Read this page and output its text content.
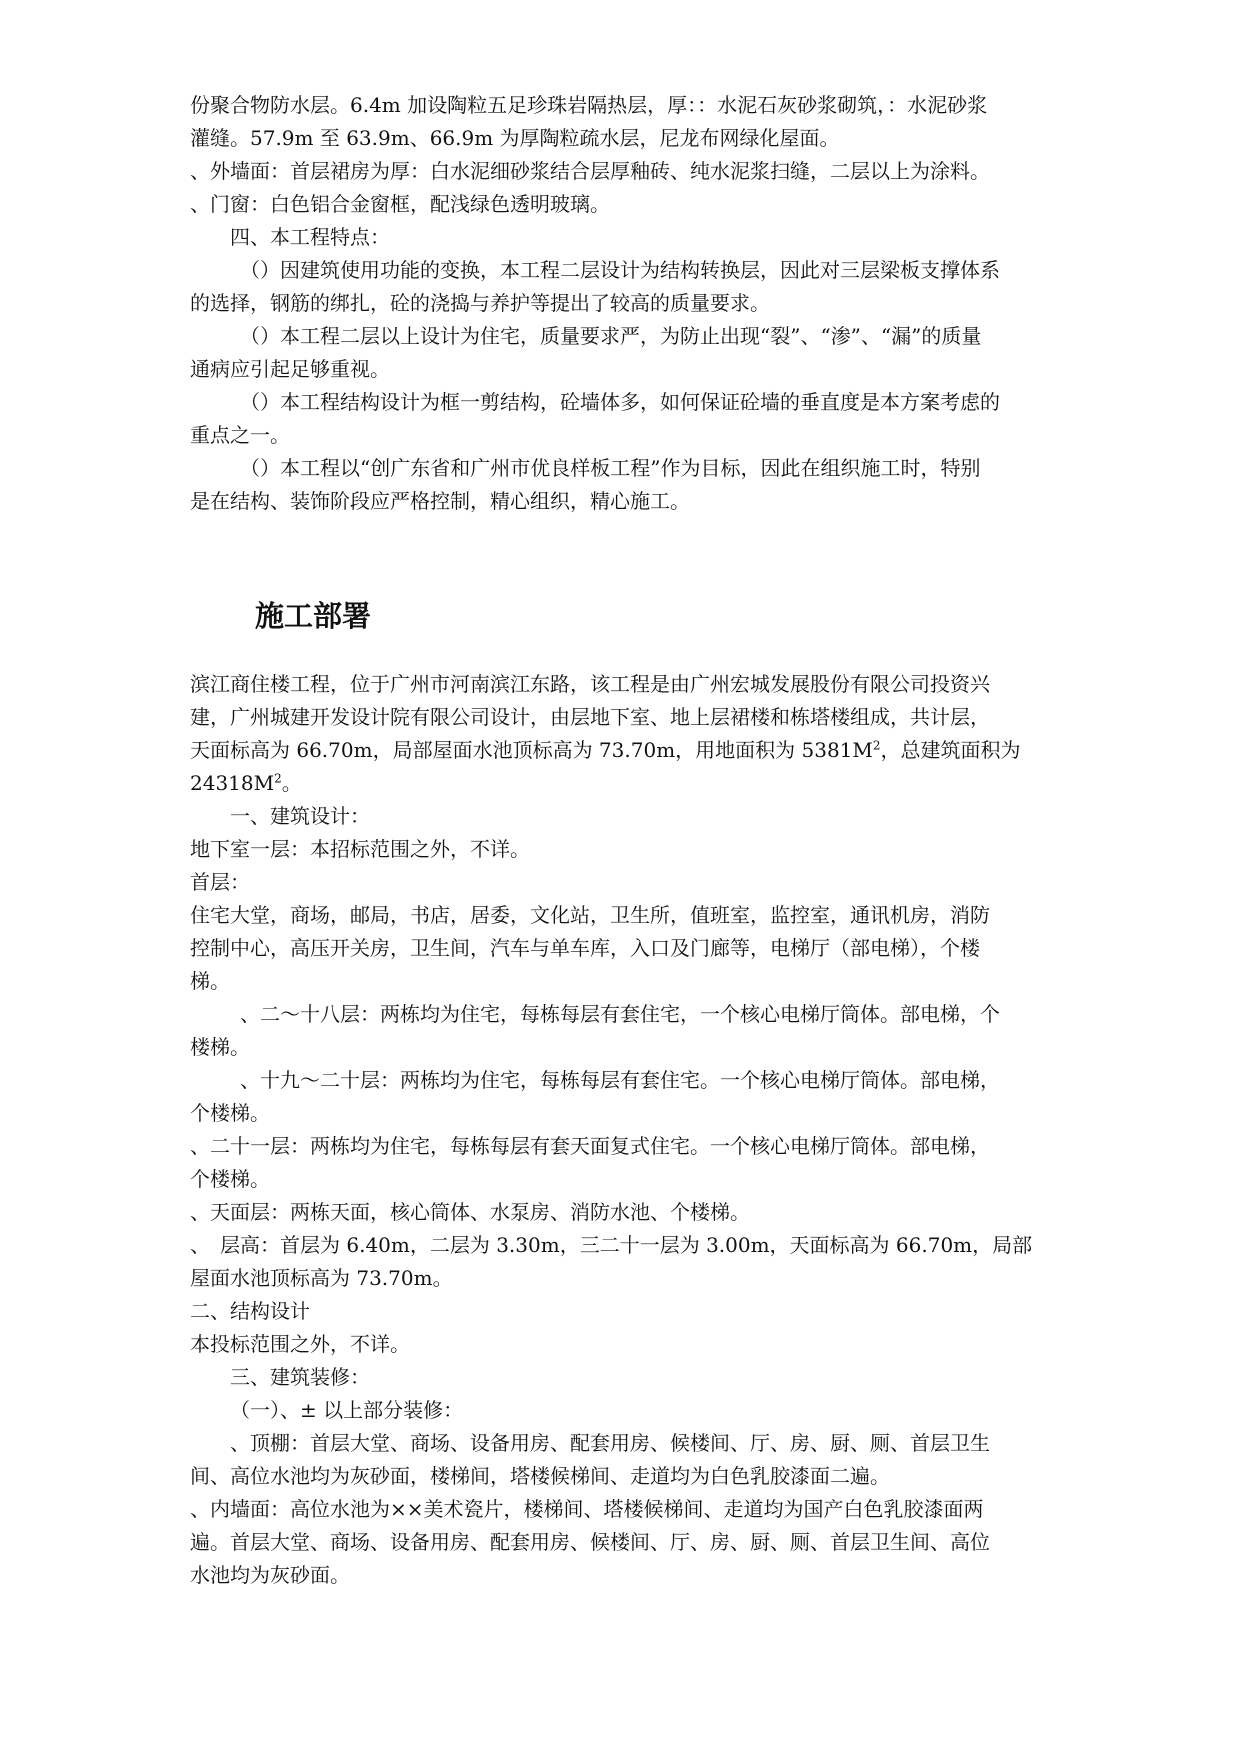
份聚合物防水层。6.4m 加设陶粒五足珍珠岩隔热层，厚：：水泥石灰砂浆砌筑，：水泥砂浆
灌缝。57.9m 至 63.9m、66.9m 为厚陶粒疏水层，尼龙布网绿化屋面。
、外墙面：首层裙房为厚：白水泥细砂浆结合层厚釉砖、纯水泥浆扫缝，二层以上为涂料。
、门窗：白色铝合金窗框，配浅绿色透明玻璃。
四、本工程特点：
（）因建筑使用功能的变换，本工程二层设计为结构转换层，因此对三层梁板支撑体系
的选择，钢筋的绑扎，砼的浇捣与养护等提出了较高的质量要求。
（）本工程二层以上设计为住宅，质量要求严，为防止出现“裂”、“渗”、“漏”的质量
通病应引起足够重视。
（）本工程结构设计为框一剪结构，砼墙体多，如何保证砼墙的垂直度是本方案考虑的
重点之一。
（）本工程以“创广东省和广州市优良样板工程”作为目标，因此在组织施工时，特别
是在结构、装饰阶段应严格控制，精心组织，精心施工。
施工部署
滨江商住楼工程，位于广州市河南滨江东路，该工程是由广州宏城发展股份有限公司投资兴
建，广州城建开发设计院有限公司设计，由层地下室、地上层裙楼和栋塔楼组成，共计层，
天面标高为 66.70m，局部屋面水池顶标高为 73.70m，用地面积为 $5381M^2$，总建筑面积为
$24318M^2$。
一、建筑设计：
地下室一层：本招标范围之外，不详。
首层：
住宅大堂，商场，邮局，书店，居委，文化站，卫生所，值班室，监控室，通讯机房，消防
控制中心，高压开关房，卫生间，汽车与单车库，入口及门廊等，电梯厅（部电梯），个楼
梯。
、二～十八层：两栋均为住宅，每栋每层有套住宅，一个核心电梯厅筒体。部电梯，个
楼梯。
、十九～二十层：两栋均为住宅，每栋每层有套住宅。一个核心电梯厅筒体。部电梯，
个楼梯。
、二十一层：两栋均为住宅，每栋每层有套天面复式住宅。一个核心电梯厅筒体。部电梯，
个楼梯。
、天面层：两栋天面，核心筒体、水泵房、消防水池、个楼梯。
、　层高：首层为 6.40m，二层为 3.30m，三二十一层为 3.00m，天面标高为 66.70m，局部
屋面水池顶标高为 73.70m。
二、结构设计
本投标范围之外，不详。
三、建筑装修：
（一）、± 以上部分装修：
、顶棚：首层大堂、商场、设备用房、配套用房、候楼间、厅、房、厨、厕、首层卫生
间、高位水池均为灰砂面，楼梯间，塔楼候梯间、走道均为白色乳胶漆面二遍。
、内墙面：高位水池为××美术瓷片，楼梯间、塔楼候梯间、走道均为国产白色乳胶漆面两
遍。首层大堂、商场、设备用房、配套用房、候楼间、厅、房、厨、厕、首层卫生间、高位
水池均为灰砂面。
